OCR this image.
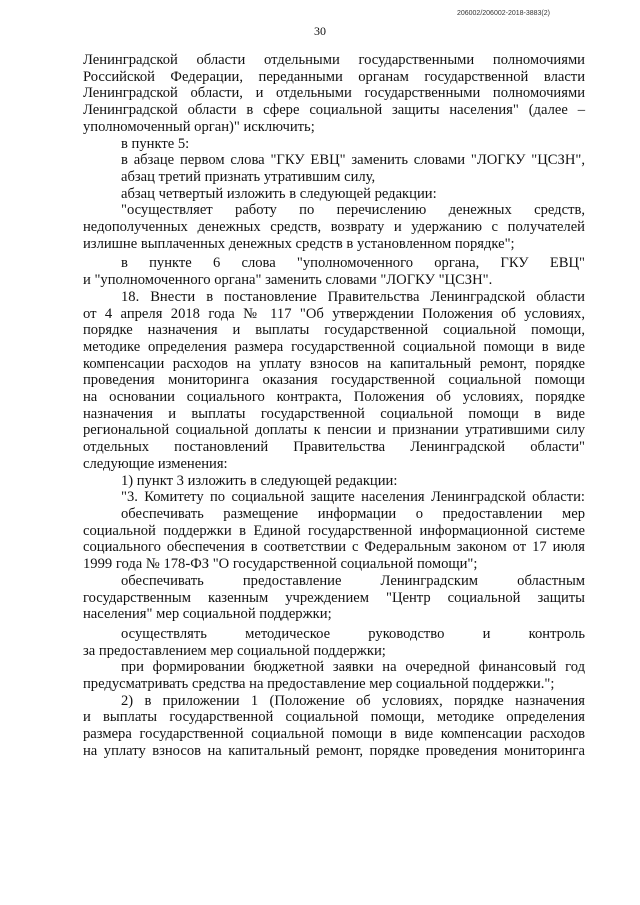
206002/206002-2018-3883(2)
30

Ленинградской области отдельными государственными полномочиями

Российской Федерации, переданными органам государственной власти

Ленинградской области, и отдельными государственными полномочиями

Ленинградской области в сфере социальной защиты населения" (далее –

уполномоченный орган)" исключить;

в пункте 5:

в абзаце первом слова "ГКУ ЕВЦ" заменить словами "ЛОГКУ "ЦСЗН",

абзац третий признать утратившим силу,

абзац четвертый изложить в следующей редакции:

"осуществляет работу по перечислению денежных средств,

недополученных денежных средств, возврату и удержанию с получателей

излишне выплаченных денежных средств в установленном порядке";

в пункте 6 слова "уполномоченного органа, ГКУ ЕВЦ"

и "уполномоченного органа" заменить словами "ЛОГКУ "ЦСЗН".

18. Внести в постановление Правительства Ленинградской области

от 4 апреля 2018 года № 117 "Об утверждении Положения об условиях,

порядке назначения и выплаты государственной социальной помощи,

методике определения размера государственной социальной помощи в виде

компенсации расходов на уплату взносов на капитальный ремонт, порядке

проведения мониторинга оказания государственной социальной помощи

на основании социального контракта, Положения об условиях, порядке

назначения и выплаты государственной социальной помощи в виде

региональной социальной доплаты к пенсии и признании утратившими силу

отдельных постановлений Правительства Ленинградской области"

следующие изменения:

1) пункт 3 изложить в следующей редакции:

"3. Комитету по социальной защите населения Ленинградской области:

обеспечивать размещение информации о предоставлении мер

социальной поддержки в Единой государственной информационной системе

социального обеспечения в соответствии с Федеральным законом от 17 июля

1999 года № 178-ФЗ "О государственной социальной помощи";

обеспечивать предоставление Ленинградским областным

государственным казенным учреждением "Центр социальной защиты

населения" мер социальной поддержки;

осуществлять методическое руководство и контроль

за предоставлением мер социальной поддержки;

при формировании бюджетной заявки на очередной финансовый год

предусматривать средства на предоставление мер социальной поддержки.";

2) в приложении 1 (Положение об условиях, порядке назначения

и выплаты государственной социальной помощи, методике определения

размера государственной социальной помощи в виде компенсации расходов

на уплату взносов на капитальный ремонт, порядке проведения мониторинга
